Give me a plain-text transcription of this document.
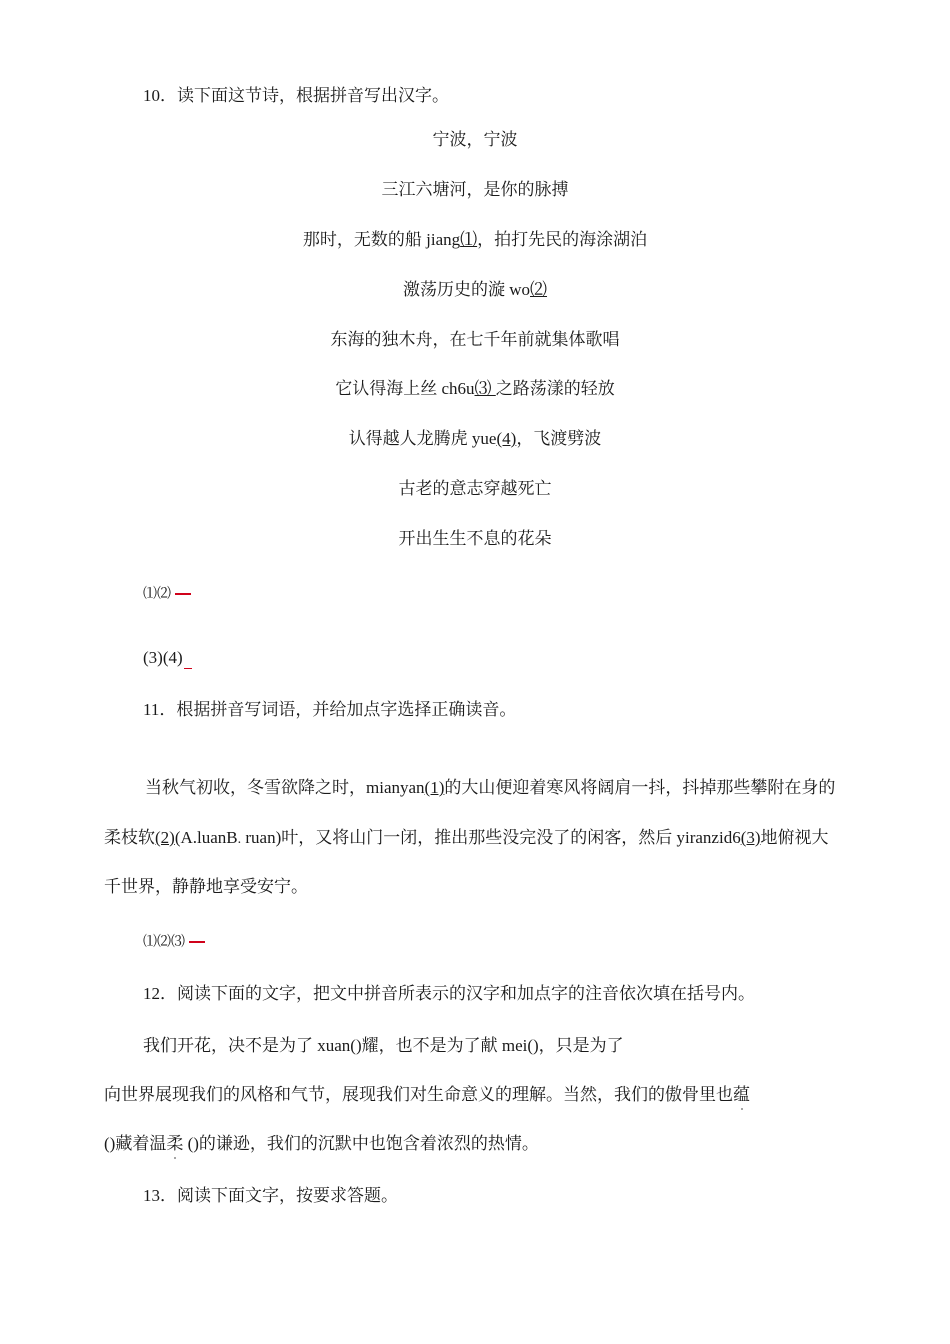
10．读下面这节诗，根据拼音写出汉字。
宁波，宁波
三江六塘河，是你的脉搏
那时，无数的船 jiang⑴，拍打先民的海涂湖泊
激荡历史的漩 wo⑵
东海的独木舟，在七千年前就集体歌唱
它认得海上丝 ch6u⑶ 之路荡漾的轻放
认得越人龙腾虎 yue(4)，飞渡劈波
古老的意志穿越死亡
开出生生不息的花朵
⑴⑵
(3)(4)
11．根据拼音写词语，并给加点字选择正确读音。
当秋气初收，冬雪欲降之时，mianyan(1)的大山便迎着寒风将阔肩一抖，抖掉那些攀附在身的
柔枝软(2)(A.luanB. ruan)叶，又将山门一闭，推出那些没完没了的闲客，然后 yiranzid6(3)地俯视大
千世界，静静地享受安宁。
⑴⑵⑶
12．阅读下面的文字，把文中拼音所表示的汉字和加点字的注音依次填在括号内。
我们开花，决不是为了 xuan()耀，也不是为了献 mei()，只是为了
向世界展现我们的风格和气节，展现我们对生命意义的理解。当然，我们的傲骨里也蕴
()藏着温柔 ()的谦逊，我们的沉默中也饱含着浓烈的热情。
13．阅读下面文字，按要求答题。
